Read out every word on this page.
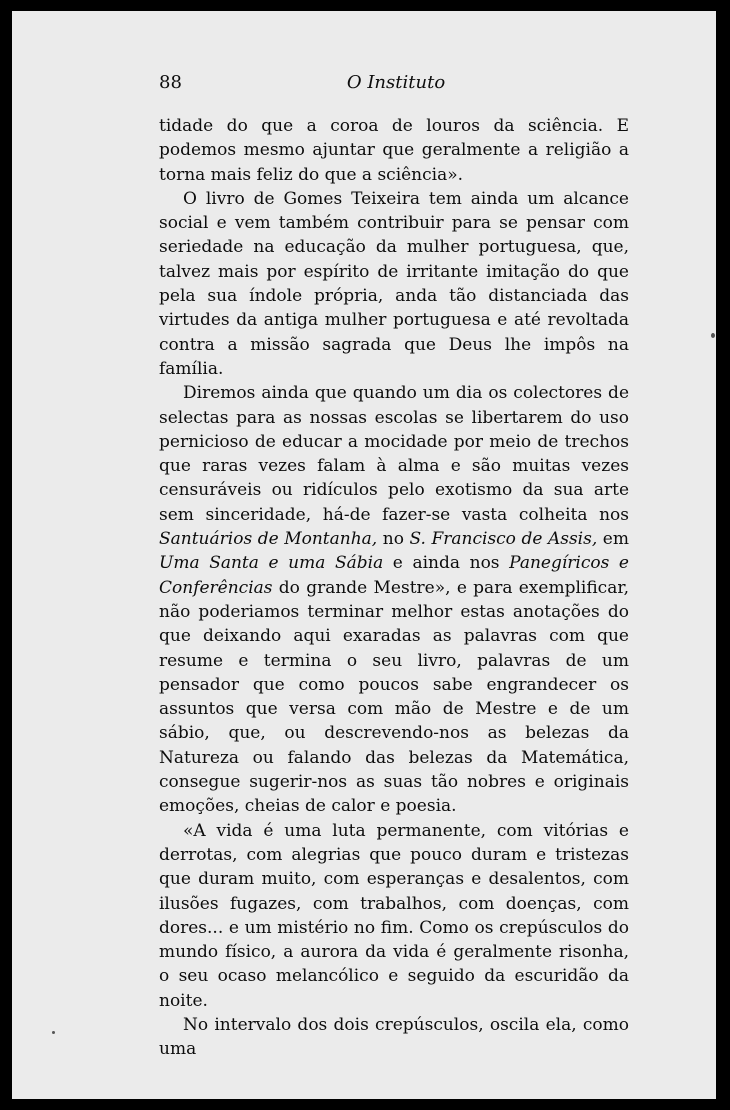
88	O Instituto

tidade do que a coroa de louros da sciência. E podemos mesmo ajuntar que geralmente a religião a torna mais feliz do que a sciência».

O livro de Gomes Teixeira tem ainda um alcance social e vem também contribuir para se pensar com seriedade na educação da mulher portuguesa, que, talvez mais por espírito de irritante imitação do que pela sua índole própria, anda tão distanciada das virtudes da antiga mulher portuguesa e até revoltada contra a missão sagrada que Deus lhe impôs na família.

Diremos ainda que quando um dia os colectores de selectas para as nossas escolas se libertarem do uso pernicioso de educar a mocidade por meio de trechos que raras vezes falam à alma e são muitas vezes censuráveis ou ridículos pelo exotismo da sua arte sem sinceridade, há-de fazer-se vasta colheita nos Santuários de Montanha, no S. Francisco de Assis, em Uma Santa e uma Sábia e ainda nos Panegíricos e Conferências do grande Mestre», e para exemplificar, não poderiamos terminar melhor estas anotações do que deixando aqui exaradas as palavras com que resume e termina o seu livro, palavras de um pensador que como poucos sabe engrandecer os assuntos que versa com mão de Mestre e de um sábio, que, ou descrevendo-nos as belezas da Natureza ou falando das belezas da Matemática, consegue sugerir-nos as suas tão nobres e originais emoções, cheias de calor e poesia.

«A vida é uma luta permanente, com vitórias e derrotas, com alegrias que pouco duram e tristezas que duram muito, com esperanças e desalentos, com ilusões fugazes, com trabalhos, com doenças, com dores... e um mistério no fim. Como os crepúsculos do mundo físico, a aurora da vida é geralmente risonha, o seu ocaso melancólico e seguido da escuridão da noite.

No intervalo dos dois crepúsculos, oscila ela, como uma
